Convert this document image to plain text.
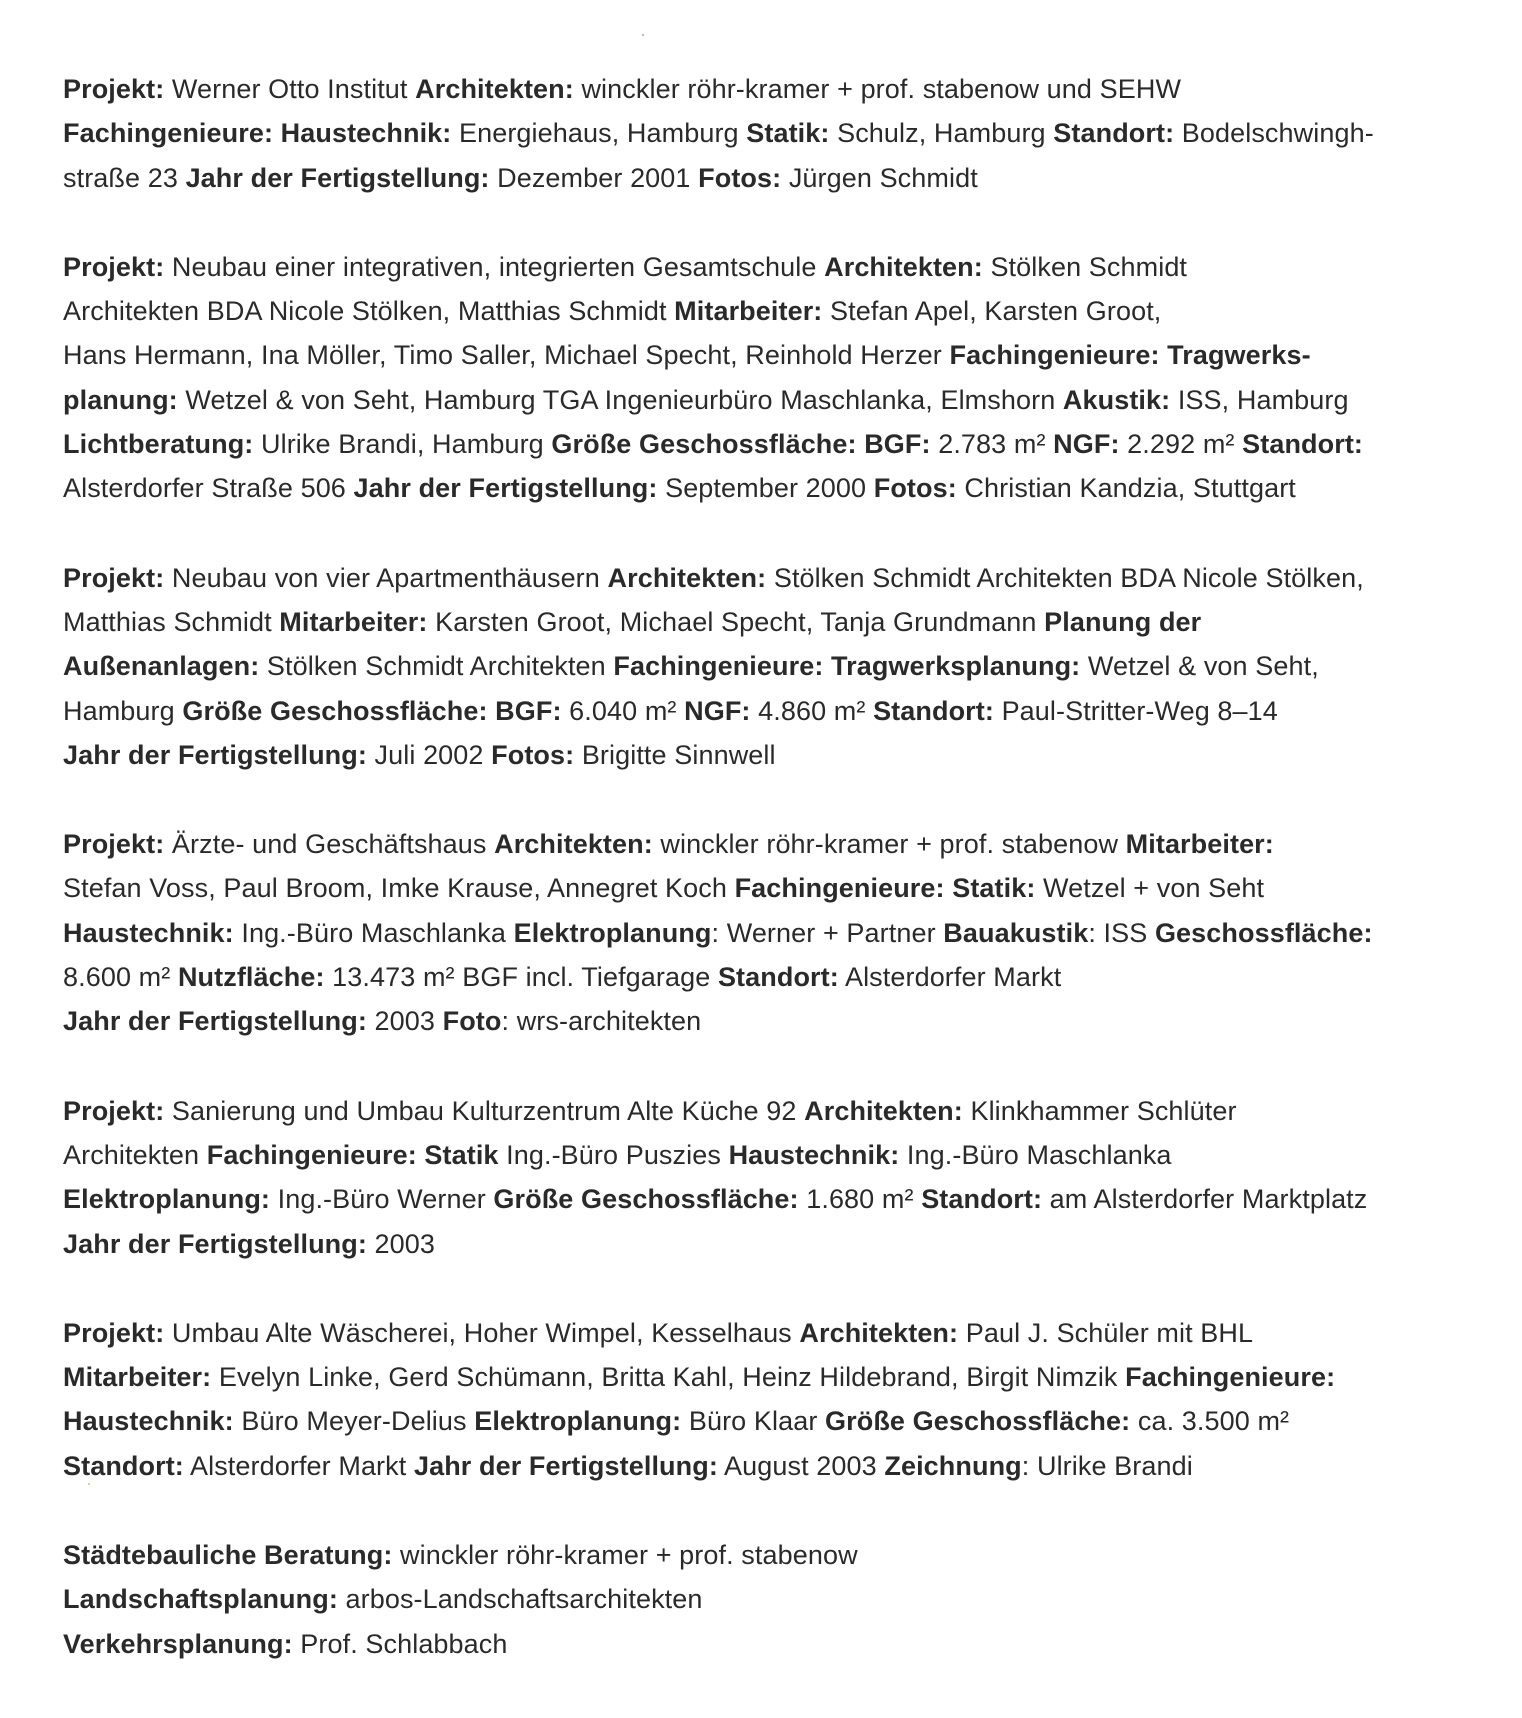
Projekt: Werner Otto Institut Architekten: winckler röhr-kramer + prof. stabenow und SEHW
Fachingenieure: Haustechnik: Energiehaus, Hamburg Statik: Schulz, Hamburg Standort: Bodelschwingh-
straße 23 Jahr der Fertigstellung: Dezember 2001 Fotos: Jürgen Schmidt
Projekt: Neubau einer integrativen, integrierten Gesamtschule Architekten: Stölken Schmidt
Architekten BDA Nicole Stölken, Matthias Schmidt Mitarbeiter: Stefan Apel, Karsten Groot,
Hans Hermann, Ina Möller, Timo Saller, Michael Specht, Reinhold Herzer Fachingenieure: Tragwerks-
planung: Wetzel & von Seht, Hamburg TGA Ingenieurbüro Maschlanka, Elmshorn Akustik: ISS, Hamburg
Lichtberatung: Ulrike Brandi, Hamburg Größe Geschossfläche: BGF: 2.783 m² NGF: 2.292 m² Standort:
Alsterdorfer Straße 506 Jahr der Fertigstellung: September 2000 Fotos: Christian Kandzia, Stuttgart
Projekt: Neubau von vier Apartmenthäusern Architekten: Stölken Schmidt Architekten BDA Nicole Stölken,
Matthias Schmidt Mitarbeiter: Karsten Groot, Michael Specht, Tanja Grundmann Planung der
Außenanlagen: Stölken Schmidt Architekten Fachingenieure: Tragwerksplanung: Wetzel & von Seht,
Hamburg Größe Geschossfläche: BGF: 6.040 m² NGF: 4.860 m² Standort: Paul-Stritter-Weg 8–14
Jahr der Fertigstellung: Juli 2002 Fotos: Brigitte Sinnwell
Projekt: Ärzte- und Geschäftshaus Architekten: winckler röhr-kramer + prof. stabenow Mitarbeiter:
Stefan Voss, Paul Broom, Imke Krause, Annegret Koch Fachingenieure: Statik: Wetzel + von Seht
Haustechnik: Ing.-Büro Maschlanka Elektroplanung: Werner + Partner Bauakustik: ISS Geschossfläche:
8.600 m² Nutzfläche: 13.473 m² BGF incl. Tiefgarage Standort: Alsterdorfer Markt
Jahr der Fertigstellung: 2003 Foto: wrs-architekten
Projekt: Sanierung und Umbau Kulturzentrum Alte Küche 92 Architekten: Klinkhammer Schlüter
Architekten Fachingenieure: Statik Ing.-Büro Puszies Haustechnik: Ing.-Büro Maschlanka
Elektroplanung: Ing.-Büro Werner Größe Geschossfläche: 1.680 m² Standort: am Alsterdorfer Marktplatz
Jahr der Fertigstellung: 2003
Projekt: Umbau Alte Wäscherei, Hoher Wimpel, Kesselhaus Architekten: Paul J. Schüler mit BHL
Mitarbeiter: Evelyn Linke, Gerd Schümann, Britta Kahl, Heinz Hildebrand, Birgit Nimzik Fachingenieure:
Haustechnik: Büro Meyer-Delius Elektroplanung: Büro Klaar Größe Geschossfläche: ca. 3.500 m²
Standort: Alsterdorfer Markt Jahr der Fertigstellung: August 2003 Zeichnung: Ulrike Brandi
Städtebauliche Beratung: winckler röhr-kramer + prof. stabenow
Landschaftsplanung: arbos-Landschaftsarchitekten
Verkehrsplanung: Prof. Schlabbach
